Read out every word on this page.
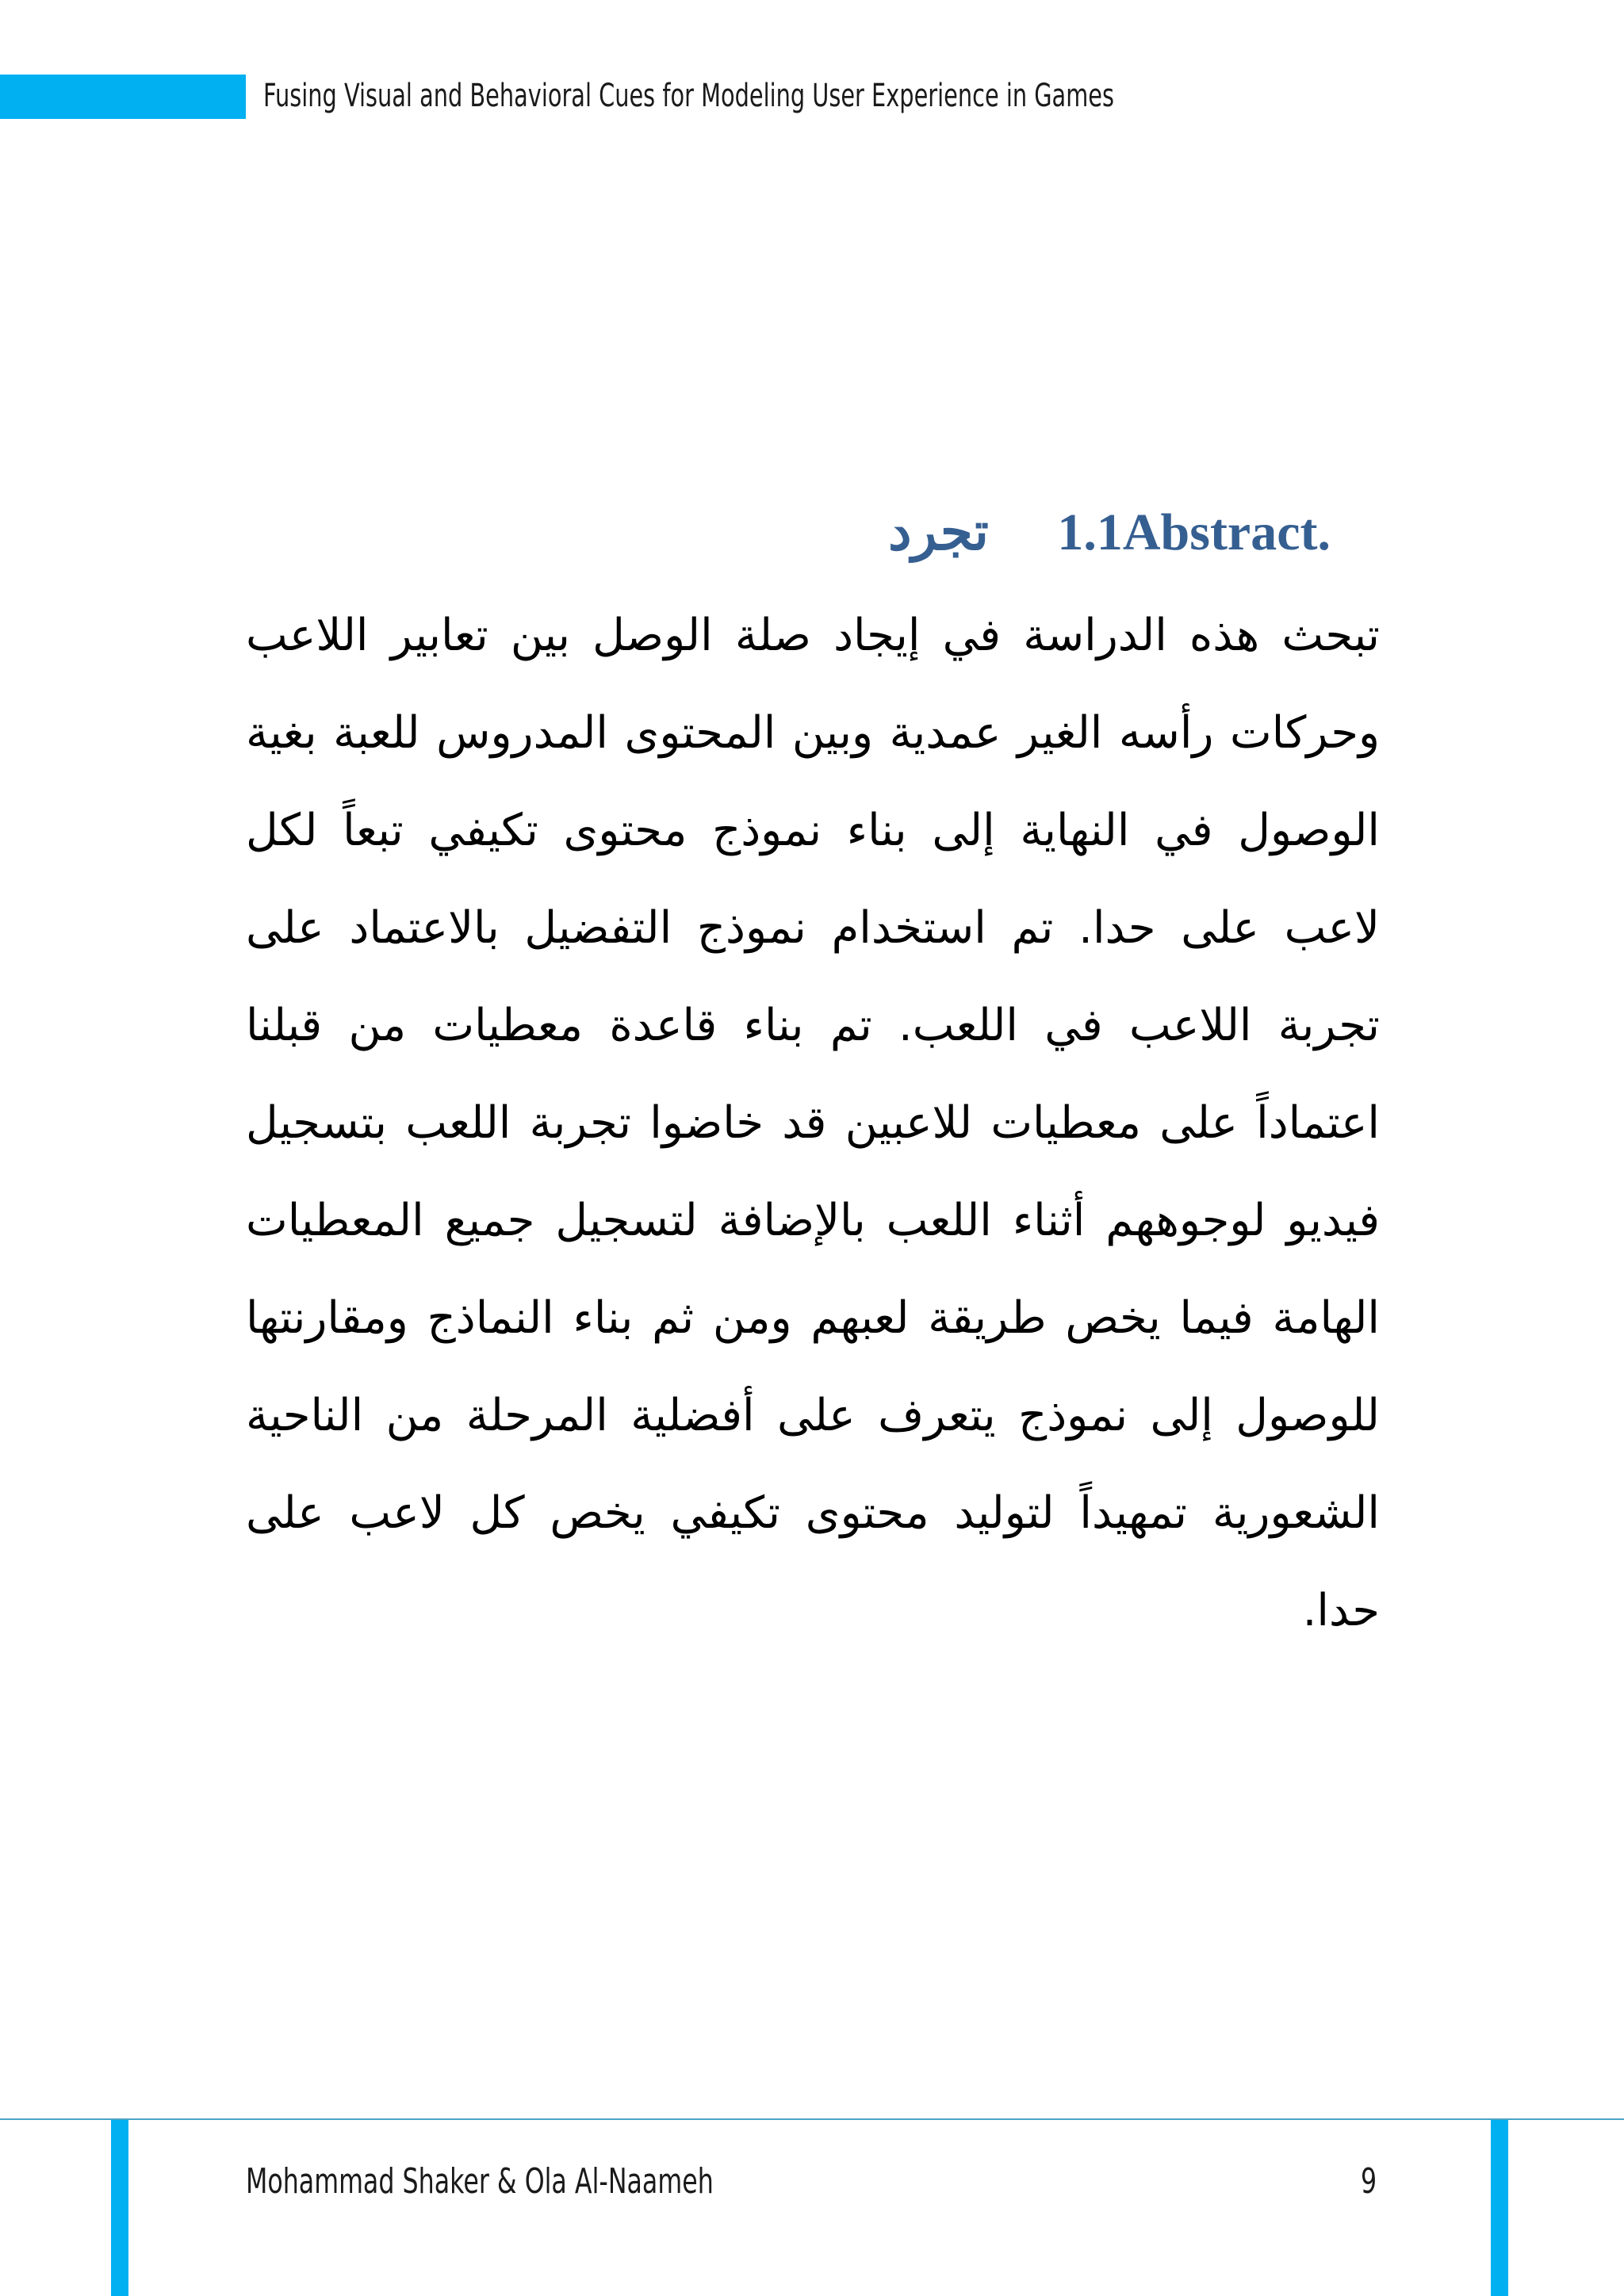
Fusing Visual and Behavioral Cues for Modeling User Experience in Games
.1.1Abstract تجرد

تبحث هذه الدراسة في إيجاد صلة الوصل بين تعابير اللاعب وحركات رأسه الغير عمدية وبين المحتوى المدروس للعبة بغية الوصول في النهاية إلى بناء نموذج محتوى تكيفي تبعاً لكل لاعب على حدا. تم استخدام نموذج التفضيل بالاعتماد على تجربة اللاعب في اللعب. تم بناء قاعدة معطيات من قبلنا اعتماداً على معطيات للاعبين قد خاضوا تجربة اللعب بتسجيل فيديو لوجوههم أثناء اللعب بالإضافة لتسجيل جميع المعطيات الهامة فيما يخص طريقة لعبهم ومن ثم بناء النماذج ومقارنتها للوصول إلى نموذج يتعرف على أفضلية المرحلة من الناحية الشعورية تمهيداً لتوليد محتوى تكيفي يخص كل لاعب على حدا.

Mohammad Shaker & Ola Al-Naameh	9
